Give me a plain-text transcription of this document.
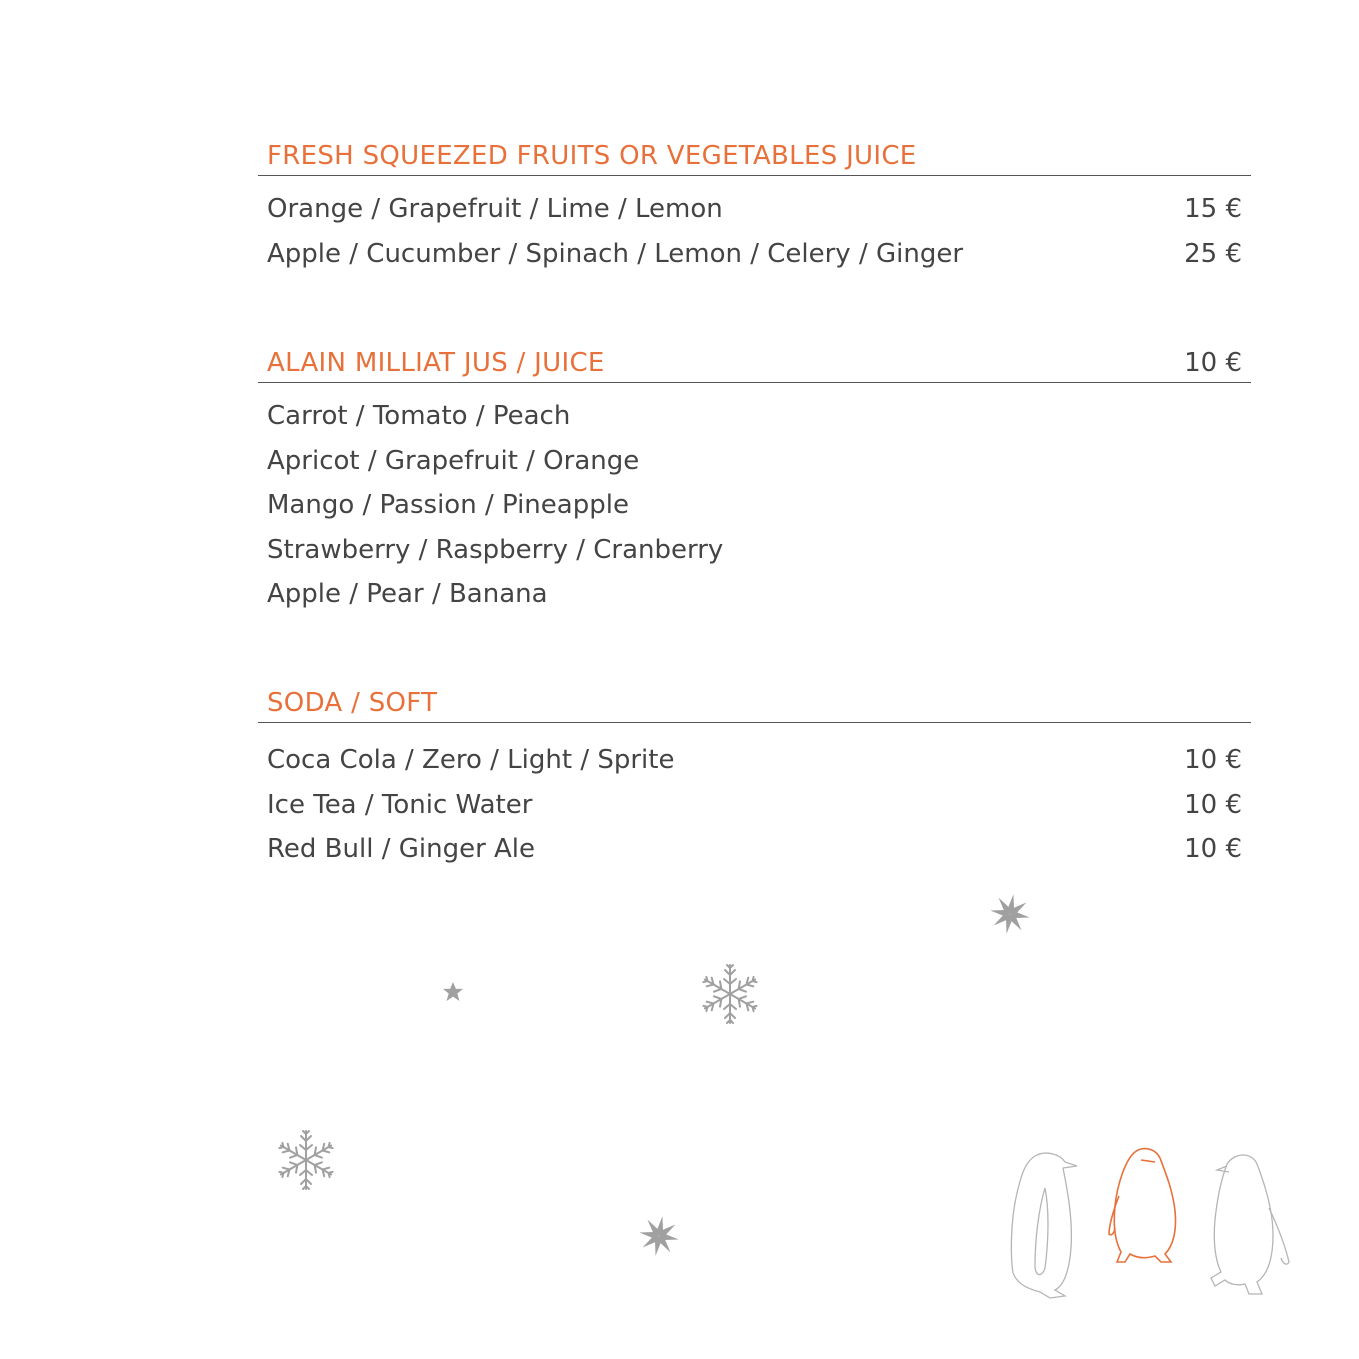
FRESH SQUEEZED FRUITS OR VEGETABLES JUICE
Orange / Grapefruit / Lime / Lemon	15 €
Apple / Cucumber / Spinach / Lemon / Celery / Ginger	25 €
ALAIN MILLIAT JUS / JUICE	10 €
Carrot / Tomato / Peach
Apricot / Grapefruit / Orange
Mango / Passion / Pineapple
Strawberry / Raspberry / Cranberry
Apple / Pear / Banana
SODA / SOFT
Coca Cola / Zero / Light / Sprite	10 €
Ice Tea / Tonic Water	10 €
Red Bull / Ginger Ale	10 €
